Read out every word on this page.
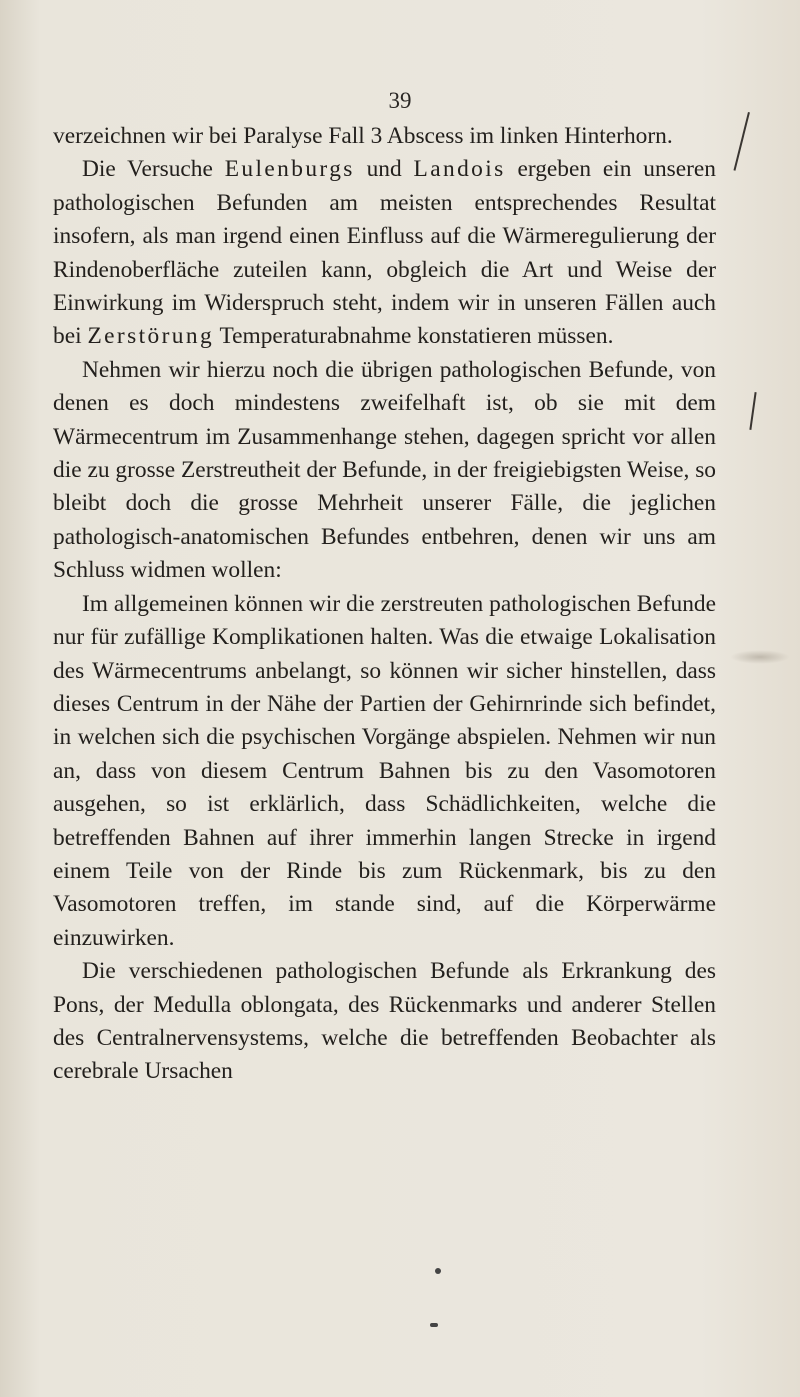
39

verzeichnen wir bei Paralyse Fall 3 Abscess im linken Hinterhorn.

Die Versuche Eulenburgs und Landois ergeben ein unseren pathologischen Befunden am meisten entsprechendes Resultat insofern, als man irgend einen Einfluss auf die Wärmeregulierung der Rindenoberfläche zuteilen kann, obgleich die Art und Weise der Einwirkung im Widerspruch steht, indem wir in unseren Fällen auch bei Zerstörung Temperaturabnahme konstatieren müssen.

Nehmen wir hierzu noch die übrigen pathologischen Befunde, von denen es doch mindestens zweifelhaft ist, ob sie mit dem Wärmecentrum im Zusammenhange stehen, dagegen spricht vor allen die zu grosse Zerstreutheit der Befunde, in der freigiebigsten Weise, so bleibt doch die grosse Mehrheit unserer Fälle, die jeglichen pathologisch-anatomischen Befundes entbehren, denen wir uns am Schluss widmen wollen:

Im allgemeinen können wir die zerstreuten pathologischen Befunde nur für zufällige Komplikationen halten. Was die etwaige Lokalisation des Wärmecentrums anbelangt, so können wir sicher hinstellen, dass dieses Centrum in der Nähe der Partien der Gehirnrinde sich befindet, in welchen sich die psychischen Vorgänge abspielen. Nehmen wir nun an, dass von diesem Centrum Bahnen bis zu den Vasomotoren ausgehen, so ist erklärlich, dass Schädlichkeiten, welche die betreffenden Bahnen auf ihrer immerhin langen Strecke in irgend einem Teile von der Rinde bis zum Rückenmark, bis zu den Vasomotoren treffen, im stande sind, auf die Körperwärme einzuwirken.

Die verschiedenen pathologischen Befunde als Erkrankung des Pons, der Medulla oblongata, des Rückenmarks und anderer Stellen des Centralnervensystems, welche die betreffenden Beobachter als cerebrale Ursachen
